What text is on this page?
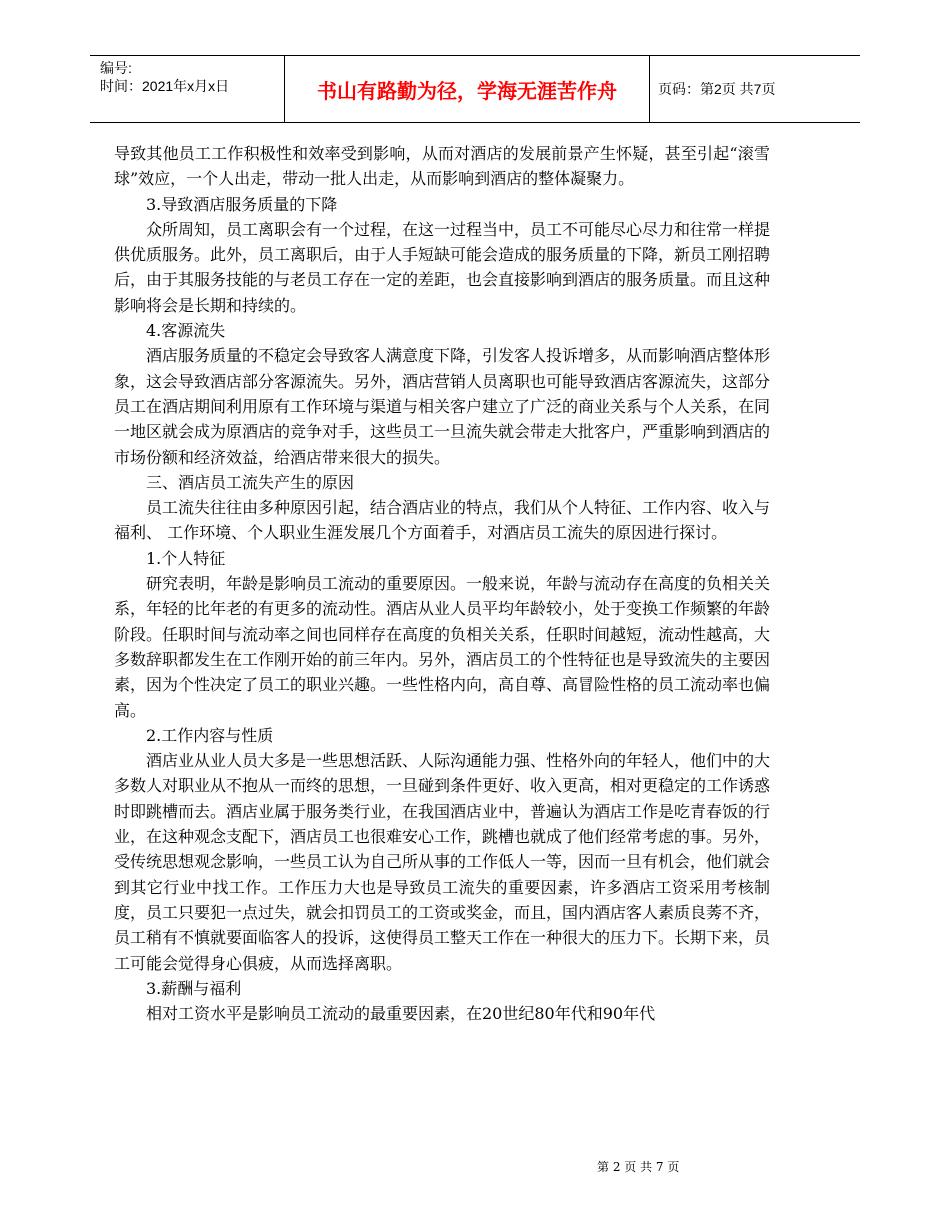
编号:
时间：2021年x月x日	书山有路勤为径，学海无涯苦作舟	页码：第2页 共7页

导致其他员工工作积极性和效率受到影响，从而对酒店的发展前景产生怀疑，甚至引起“滚雪球”效应，一个人出走，带动一批人出走，从而影响到酒店的整体凝聚力。

3.导致酒店服务质量的下降

众所周知，员工离职会有一个过程，在这一过程当中，员工不可能尽心尽力和往常一样提供优质服务。此外，员工离职后，由于人手短缺可能会造成的服务质量的下降，新员工刚招聘后，由于其服务技能的与老员工存在一定的差距，也会直接影响到酒店的服务质量。而且这种影响将会是长期和持续的。

4.客源流失

酒店服务质量的不稳定会导致客人满意度下降，引发客人投诉增多，从而影响酒店整体形象，这会导致酒店部分客源流失。另外，酒店营销人员离职也可能导致酒店客源流失，这部分员工在酒店期间利用原有工作环境与渠道与相关客户建立了广泛的商业关系与个人关系，在同一地区就会成为原酒店的竞争对手，这些员工一旦流失就会带走大批客户，严重影响到酒店的市场份额和经济效益，给酒店带来很大的损失。

三、酒店员工流失产生的原因

员工流失往往由多种原因引起，结合酒店业的特点，我们从个人特征、工作内容、收入与福利、 工作环境、个人职业生涯发展几个方面着手，对酒店员工流失的原因进行探讨。

1.个人特征

研究表明，年龄是影响员工流动的重要原因。一般来说，年龄与流动存在高度的负相关关系，年轻的比年老的有更多的流动性。酒店从业人员平均年龄较小，处于变换工作频繁的年龄阶段。任职时间与流动率之间也同样存在高度的负相关关系，任职时间越短，流动性越高，大多数辞职都发生在工作刚开始的前三年内。另外，酒店员工的个性特征也是导致流失的主要因素，因为个性决定了员工的职业兴趣。一些性格内向，高自尊、高冒险性格的员工流动率也偏高。

2.工作内容与性质

酒店业从业人员大多是一些思想活跃、人际沟通能力强、性格外向的年轻人，他们中的大多数人对职业从不抱从一而终的思想，一旦碰到条件更好、收入更高，相对更稳定的工作诱惑时即跳槽而去。酒店业属于服务类行业，在我国酒店业中，普遍认为酒店工作是吃青春饭的行业，在这种观念支配下，酒店员工也很难安心工作，跳槽也就成了他们经常考虑的事。另外，受传统思想观念影响，一些员工认为自己所从事的工作低人一等，因而一旦有机会，他们就会到其它行业中找工作。工作压力大也是导致员工流失的重要因素，许多酒店工资采用考核制度，员工只要犯一点过失，就会扣罚员工的工资或奖金，而且，国内酒店客人素质良莠不齐，员工稍有不慎就要面临客人的投诉，这使得员工整天工作在一种很大的压力下。长期下来，员工可能会觉得身心俱疲，从而选择离职。

3.薪酬与福利

相对工资水平是影响员工流动的最重要因素，在20世纪80年代和90年代

第 2 页 共 7 页
